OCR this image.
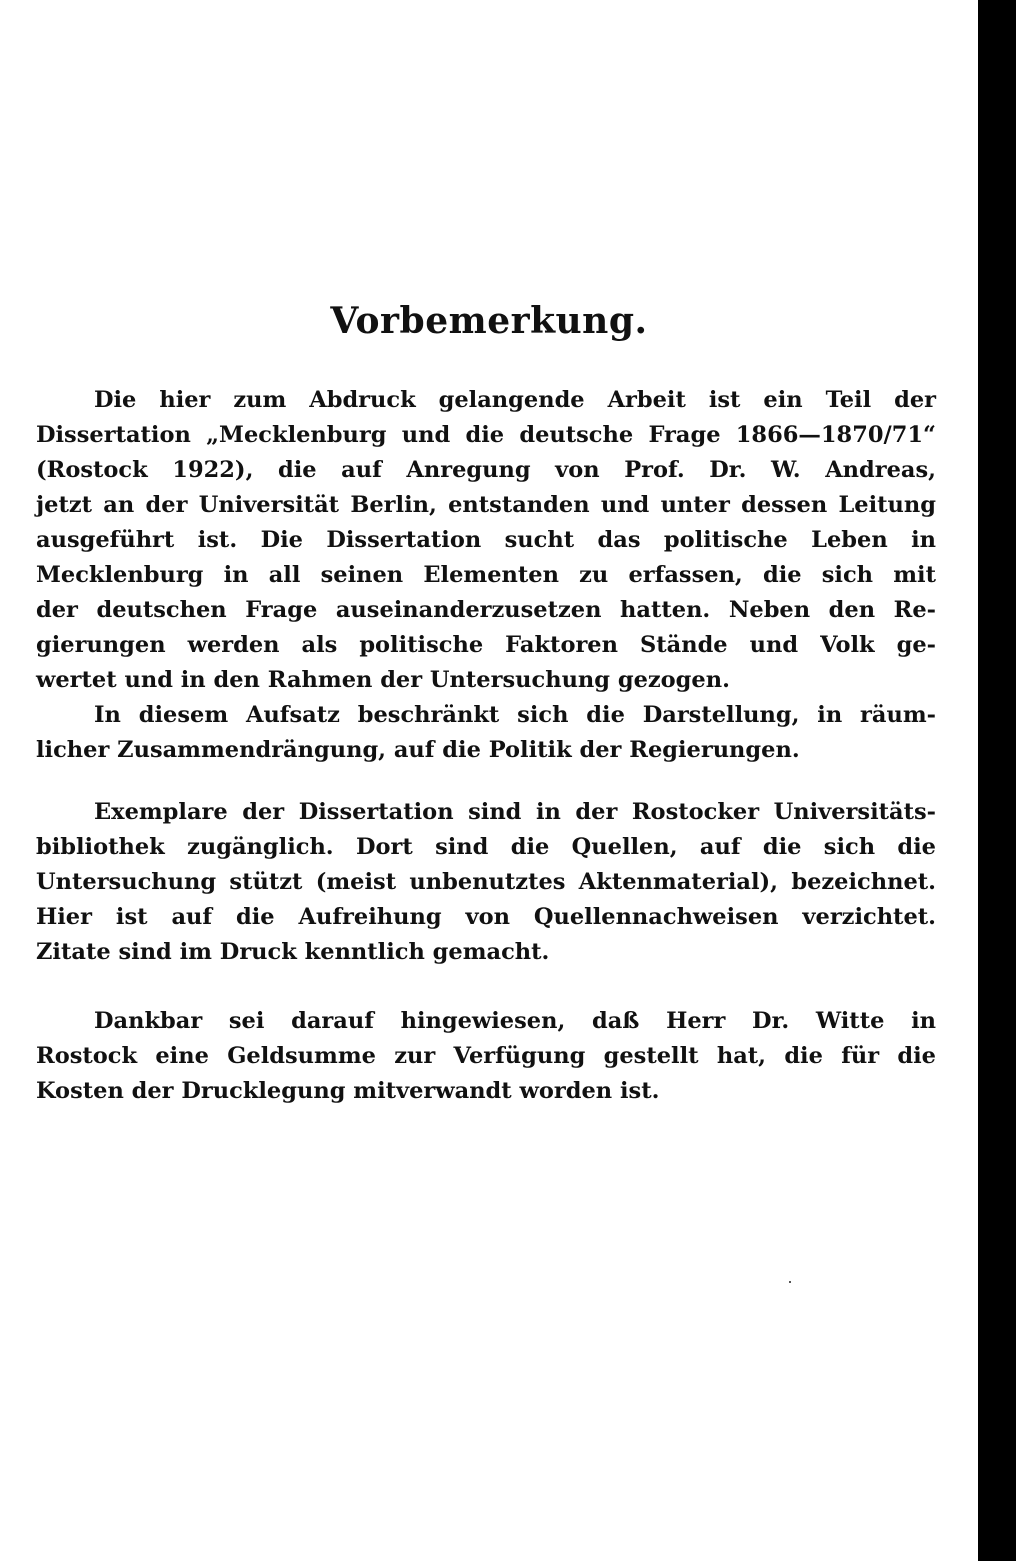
Vorbemerkung.
Die hier zum Abdruck gelangende Arbeit ist ein Teil der
Dissertation „Mecklenburg und die deutsche Frage 1866—1870/71“
(Rostock 1922), die auf Anregung von Prof. Dr. W. Andreas,
jetzt an der Universität Berlin, entstanden und unter dessen Leitung
ausgeführt ist. Die Dissertation sucht das politische Leben in
Mecklenburg in all seinen Elementen zu erfassen, die sich mit
der deutschen Frage auseinanderzusetzen hatten. Neben den Re-
gierungen werden als politische Faktoren Stände und Volk ge-
wertet und in den Rahmen der Untersuchung gezogen.
In diesem Aufsatz beschränkt sich die Darstellung, in räum-
licher Zusammendrängung, auf die Politik der Regierungen.
Exemplare der Dissertation sind in der Rostocker Universitäts-
bibliothek zugänglich. Dort sind die Quellen, auf die sich die
Untersuchung stützt (meist unbenutztes Aktenmaterial), bezeichnet.
Hier ist auf die Aufreihung von Quellennachweisen verzichtet.
Zitate sind im Druck kenntlich gemacht.
Dankbar sei darauf hingewiesen, daß Herr Dr. Witte in
Rostock eine Geldsumme zur Verfügung gestellt hat, die für die
Kosten der Drucklegung mitverwandt worden ist.
